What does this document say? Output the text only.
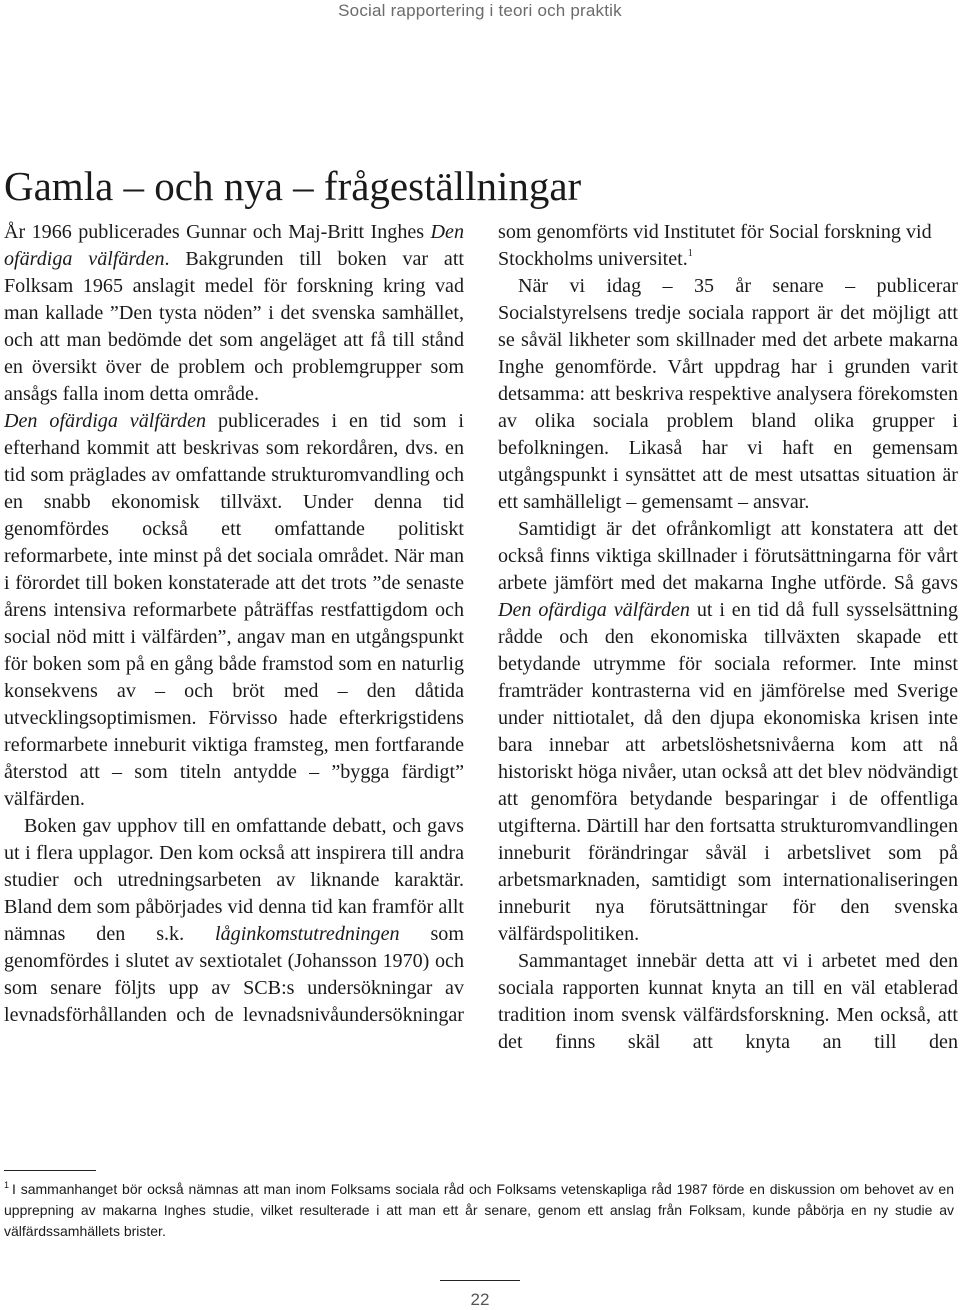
Social rapportering i teori och praktik
Gamla – och nya – frågeställningar

År 1966 publicerades Gunnar och Maj-Britt Inghes Den ofärdiga välfärden. Bakgrunden till boken var att Folksam 1965 anslagit medel för forskning kring vad man kallade ”Den tysta nöden” i det svenska samhället, och att man bedömde det som angeläget att få till stånd en översikt över de problem och problemgrupper som ansågs falla inom detta område.

Den ofärdiga välfärden publicerades i en tid som i efterhand kommit att beskrivas som rekordåren, dvs. en tid som präglades av omfattande strukturomvandling och en snabb ekonomisk tillväxt. Under denna tid genomfördes också ett omfattande politiskt reformarbete, inte minst på det sociala området. När man i förordet till boken konstaterade att det trots ”de senaste årens intensiva reformarbete påträffas restfattigdom och social nöd mitt i välfärden”, angav man en utgångspunkt för boken som på en gång både framstod som en naturlig konsekvens av – och bröt med – den dåtida utvecklingsoptimismen. Förvisso hade efterkrigstidens reformarbete inneburit viktiga framsteg, men fortfarande återstod att – som titeln antydde – ”bygga färdigt” välfärden.

Boken gav upphov till en omfattande debatt, och gavs ut i flera upplagor. Den kom också att inspirera till andra studier och utredningsarbeten av liknande karaktär. Bland dem som påbörjades vid denna tid kan framför allt nämnas den s.k. låginkomstutredningen som genomfördes i slutet av sextiotalet (Johansson 1970) och som senare följts upp av SCB:s undersökningar av levnadsförhållanden och de levnadsnivåundersökningar

som genomförts vid Institutet för Social forskning vid Stockholms universitet.$^1$

När vi idag – 35 år senare – publicerar Socialstyrelsens tredje sociala rapport är det möjligt att se såväl likheter som skillnader med det arbete makarna Inghe genomförde. Vårt uppdrag har i grunden varit detsamma: att beskriva respektive analysera förekomsten av olika sociala problem bland olika grupper i befolkningen. Likaså har vi haft en gemensam utgångspunkt i synsättet att de mest utsattas situation är ett samhälleligt – gemensamt – ansvar.

Samtidigt är det ofrånkomligt att konstatera att det också finns viktiga skillnader i förutsättningarna för vårt arbete jämfört med det makarna Inghe utförde. Så gavs Den ofärdiga välfärden ut i en tid då full sysselsättning rådde och den ekonomiska tillväxten skapade ett betydande utrymme för sociala reformer. Inte minst framträder kontrasterna vid en jämförelse med Sverige under nittiotalet, då den djupa ekonomiska krisen inte bara innebar att arbetslöshetsnivåerna kom att nå historiskt höga nivåer, utan också att det blev nödvändigt att genomföra betydande besparingar i de offentliga utgifterna. Därtill har den fortsatta strukturomvandlingen inneburit förändringar såväl i arbetslivet som på arbetsmarknaden, samtidigt som internationaliseringen inneburit nya förutsättningar för den svenska välfärdspolitiken.

Sammantaget innebär detta att vi i arbetet med den sociala rapporten kunnat knyta an till en väl etablerad tradition inom svensk välfärdsforskning. Men också, att det finns skäl att knyta an till den

$^1$ I sammanhanget bör också nämnas att man inom Folksams sociala råd och Folksams vetenskapliga råd 1987 förde en diskussion om behovet av en upprepning av makarna Inghes studie, vilket resulterade i att man ett år senare, genom ett anslag från Folksam, kunde påbörja en ny studie av välfärdssamhällets brister.

22
